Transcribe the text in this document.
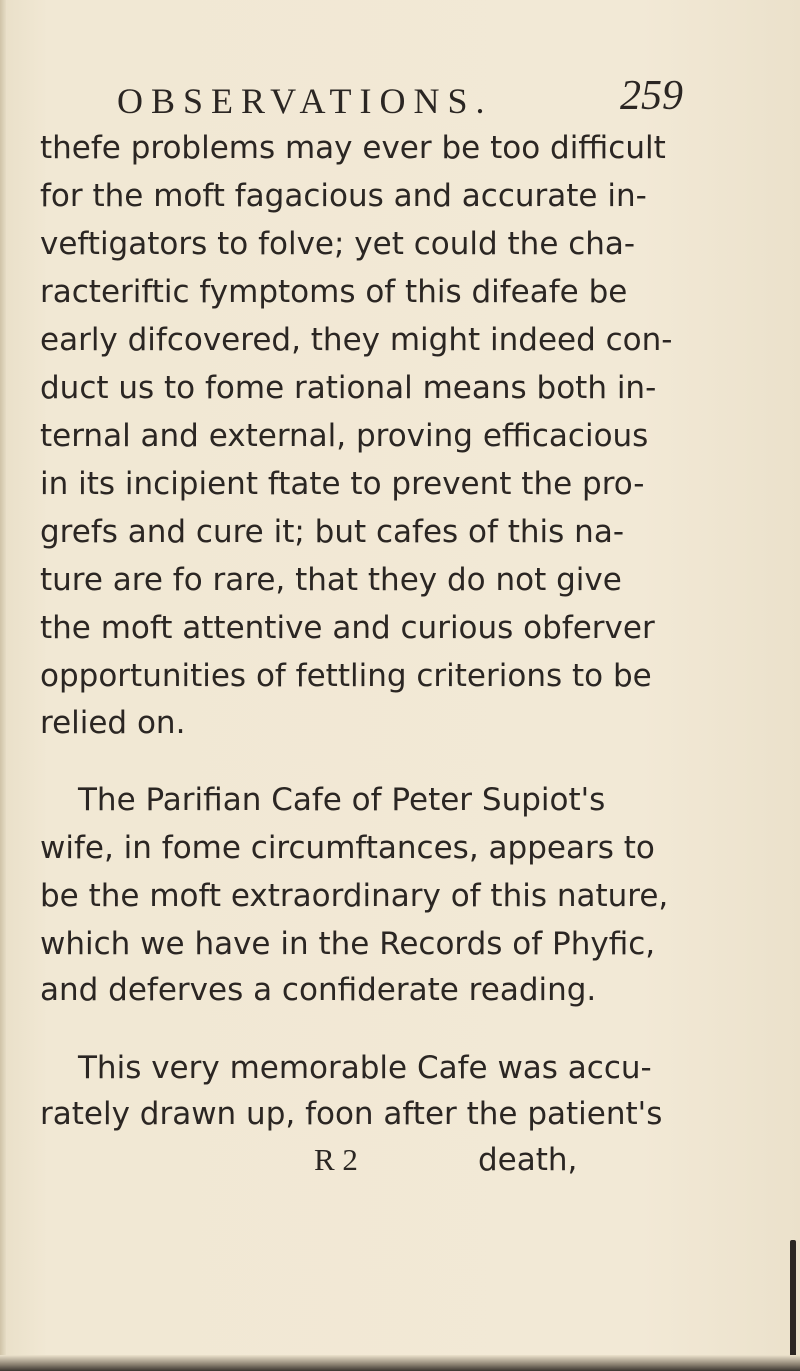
OBSERVATIONS.	259
thefe problems may ever be too difficult
for the moft fagacious and accurate in-
veftigators to folve; yet could the cha-
racteriftic fymptoms of this difeafe be
early difcovered, they might indeed con-
duct us to fome rational means both in-
ternal and external, proving efficacious
in its incipient ftate to prevent the pro-
grefs and cure it; but cafes of this na-
ture are fo rare, that they do not give
the moft attentive and curious obferver
opportunities of fettling criterions to be
relied on.
The Parifian Cafe of Peter Supiot's
wife, in fome circumftances, appears to
be the moft extraordinary of this nature,
which we have in the Records of Phyfic,
and deferves a confiderate reading.
This very memorable Cafe was accu-
rately drawn up, foon after the patient's
R 2	death,
